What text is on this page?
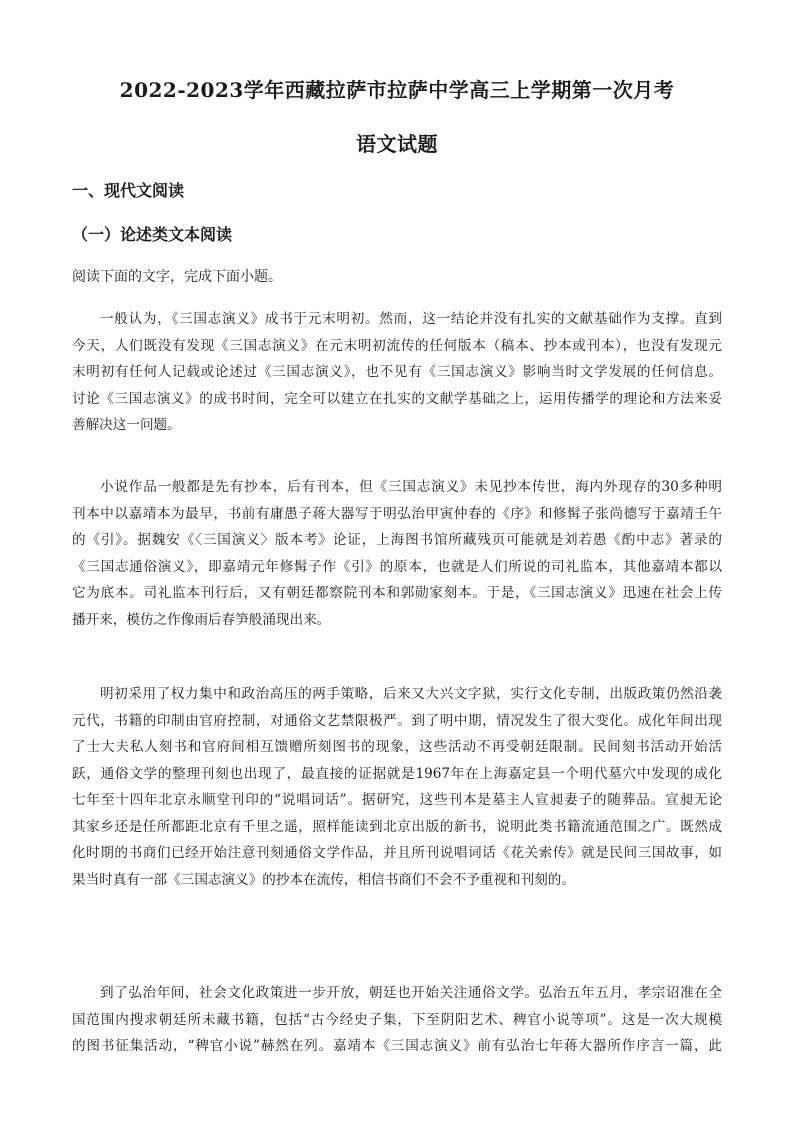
2022-2023学年西藏拉萨市拉萨中学高三上学期第一次月考
语文试题
一、现代文阅读
（一）论述类文本阅读
阅读下面的文字，完成下面小题。
一般认为，《三国志演义》成书于元末明初。然而，这一结论并没有扎实的文献基础作为支撑。直到
今天，人们既没有发现《三国志演义》在元末明初流传的任何版本（稿本、抄本或刊本），也没有发现元
末明初有任何人记载或论述过《三国志演义》，也不见有《三国志演义》影响当时文学发展的任何信息。
讨论《三国志演义》的成书时间，完全可以建立在扎实的文献学基础之上，运用传播学的理论和方法来妥
善解决这一问题。
小说作品一般都是先有抄本，后有刊本，但《三国志演义》未见抄本传世，海内外现存的30多种明
刊本中以嘉靖本为最早，书前有庸愚子蒋大器写于明弘治甲寅仲春的《序》和修髯子张尚德写于嘉靖壬午
的《引》。据魏安《〈三国演义〉版本考》论证，上海图书馆所藏残页可能就是刘若愚《酌中志》著录的
《三国志通俗演义》，即嘉靖元年修髯子作《引》的原本，也就是人们所说的司礼监本，其他嘉靖本都以
它为底本。司礼监本刊行后，又有朝廷都察院刊本和郭勋家刻本。于是，《三国志演义》迅速在社会上传
播开来，模仿之作像雨后春笋般涌现出来。
明初采用了权力集中和政治高压的两手策略，后来又大兴文字狱，实行文化专制，出版政策仍然沿袭
元代，书籍的印制由官府控制，对通俗文艺禁限极严。到了明中期，情况发生了很大变化。成化年间出现
了士大夫私人刻书和官府间相互馈赠所刻图书的现象，这些活动不再受朝廷限制。民间刻书活动开始活
跃，通俗文学的整理刊刻也出现了，最直接的证据就是1967年在上海嘉定县一个明代墓穴中发现的成化
七年至十四年北京永顺堂刊印的“说唱词话”。据研究，这些刊本是墓主人宣昶妻子的随葬品。宣昶无论
其家乡还是任所都距北京有千里之遥，照样能读到北京出版的新书，说明此类书籍流通范围之广。既然成
化时期的书商们已经开始注意刊刻通俗文学作品，并且所刊说唱词话《花关索传》就是民间三国故事，如
果当时真有一部《三国志演义》的抄本在流传，相信书商们不会不予重视和刊刻的。
到了弘治年间，社会文化政策进一步开放，朝廷也开始关注通俗文学。弘治五年五月，孝宗诏准在全
国范围内搜求朝廷所未藏书籍，包括“古今经史子集，下至阴阳艺术、稗官小说等项”。这是一次大规模
的图书征集活动，“稗官小说”赫然在列。嘉靖本《三国志演义》前有弘治七年蒋大器所作序言一篇，此
